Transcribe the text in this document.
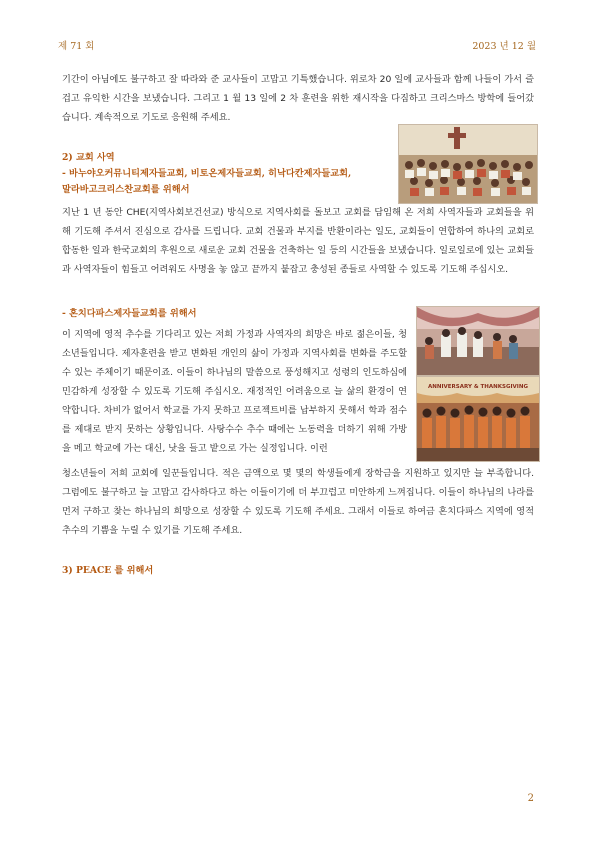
제 71 회	2023 년 12 월

기간이 아님에도 불구하고 잘 따라와 준 교사들이 고맙고 기특했습니다. 위로차 20 일에 교사들과 함께 나들이 가서 즐겁고 유익한 시간을 보냈습니다. 그리고 1 월 13 일에 2 차 훈련을 위한 재시작을 다짐하고 크리스마스 방학에 들어갔습니다. 계속적으로 기도로 응원해 주세요.

2) 교회 사역

- 바누야오커뮤니티제자들교회, 비토온제자들교회, 히낙다칸제자들교회,

말라바고크리스찬교회를 위해서

지난 1 년 동안 CHE(지역사회보건선교) 방식으로 지역사회를 돌보고 교회를 담임해 온 저희 사역자들과 교회들을 위해 기도해 주셔서 진심으로 감사를 드립니다. 교회 건물과 부지를 반환이라는 일도, 교회들이 연합하여 하나의 교회로 합동한 일과 한국교회의 후원으로 새로운 교회 건물을 건축하는 일 등의 시간들을 보냈습니다. 일로일로에 있는 교회들과 사역자들이 힘들고 어려워도 사명을 놓 않고 끝까지 붙잡고 충성된 종들로 사역할 수 있도록 기도해 주십시오.

- 혼치다파스제자들교회를 위해서

ANNIVERSARY & THANKSGIVING

이 지역에 영적 추수를 기다리고 있는 저희 가정과 사역자의 희망은 바로 젊은이들, 청소년들입니다. 제자훈련을 받고 변화된 개인의 삶이 가정과 지역사회를 변화를 주도할 수 있는 주체이기 때문이죠. 이들이 하나님의 말씀으로 풍성해지고 성령의 인도하심에 민감하게 성장할 수 있도록 기도해 주십시오. 재정적인 어려움으로 늘 삶의 환경이 연약합니다. 차비가 없어서 학교를 가지 못하고 프로젝트비를 납부하지 못해서 학과 점수를 제대로 받지 못하는 상황입니다. 사탕수수 추수 때에는 노동력을 더하기 위해 가방을 메고 학교에 가는 대신, 낫을 들고 밭으로 가는 실정입니다. 이런

청소년들이 저희 교회에 일꾼들입니다. 적은 금액으로 몇 몇의 학생들에게 장학금을 지원하고 있지만 늘 부족합니다. 그럼에도 불구하고 늘 고맙고 감사하다고 하는 이들이기에 더 부끄럽고 미안하게 느껴집니다. 이들이 하나님의 나라를 먼저 구하고 찾는 하나님의 희망으로 성장할 수 있도록 기도해 주세요. 그래서 이들로 하여금 혼치다파스 지역에 영적 추수의 기쁨을 누릴 수 있기를 기도해 주세요.

3) PEACE 를 위해서

2
